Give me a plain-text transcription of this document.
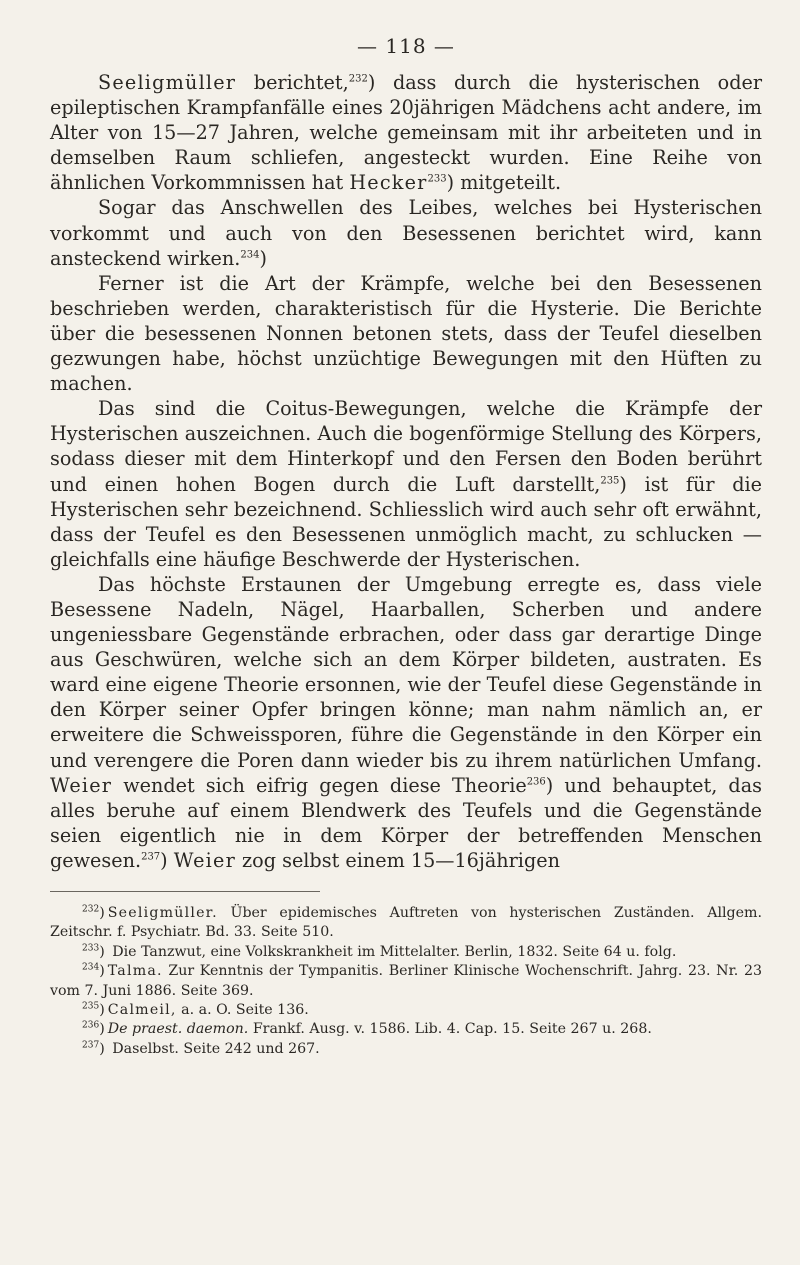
— 118 —

Seeligmüller berichtet,$^{232}$) dass durch die hysterischen oder epileptischen Krampfanfälle eines 20jährigen Mädchens acht andere, im Alter von 15—27 Jahren, welche gemeinsam mit ihr arbeiteten und in demselben Raum schliefen, angesteckt wurden. Eine Reihe von ähnlichen Vorkommnissen hat Hecker$^{233}$) mitgeteilt.

Sogar das Anschwellen des Leibes, welches bei Hysterischen vorkommt und auch von den Besessenen berichtet wird, kann ansteckend wirken.$^{234}$)

Ferner ist die Art der Krämpfe, welche bei den Besessenen beschrieben werden, charakteristisch für die Hysterie. Die Berichte über die besessenen Nonnen betonen stets, dass der Teufel dieselben gezwungen habe, höchst unzüchtige Bewegungen mit den Hüften zu machen.

Das sind die Coitus-Bewegungen, welche die Krämpfe der Hysterischen auszeichnen. Auch die bogenförmige Stellung des Körpers, sodass dieser mit dem Hinterkopf und den Fersen den Boden berührt und einen hohen Bogen durch die Luft darstellt,$^{235}$) ist für die Hysterischen sehr bezeichnend. Schliesslich wird auch sehr oft erwähnt, dass der Teufel es den Besessenen unmöglich macht, zu schlucken — gleichfalls eine häufige Beschwerde der Hysterischen.

Das höchste Erstaunen der Umgebung erregte es, dass viele Besessene Nadeln, Nägel, Haarballen, Scherben und andere ungeniessbare Gegenstände erbrachen, oder dass gar derartige Dinge aus Geschwüren, welche sich an dem Körper bildeten, austraten. Es ward eine eigene Theorie ersonnen, wie der Teufel diese Gegenstände in den Körper seiner Opfer bringen könne; man nahm nämlich an, er erweitere die Schweissporen, führe die Gegenstände in den Körper ein und verengere die Poren dann wieder bis zu ihrem natürlichen Umfang. Weier wendet sich eifrig gegen diese Theorie$^{236}$) und behauptet, das alles beruhe auf einem Blendwerk des Teufels und die Gegenstände seien eigentlich nie in dem Körper der betreffenden Menschen gewesen.$^{237}$) Weier zog selbst einem 15—16jährigen

$^{232}$) Seeligmüller. Über epidemisches Auftreten von hysterischen Zuständen. Allgem. Zeitschr. f. Psychiatr. Bd. 33. Seite 510.

$^{233}$) Die Tanzwut, eine Volkskrankheit im Mittelalter. Berlin, 1832. Seite 64 u. folg.

$^{234}$) Talma. Zur Kenntnis der Tympanitis. Berliner Klinische Wochenschrift. Jahrg. 23. Nr. 23 vom 7. Juni 1886. Seite 369.

$^{235}$) Calmeil, a. a. O. Seite 136.

$^{236}$) De praest. daemon. Frankf. Ausg. v. 1586. Lib. 4. Cap. 15. Seite 267 u. 268.

$^{237}$) Daselbst. Seite 242 und 267.
